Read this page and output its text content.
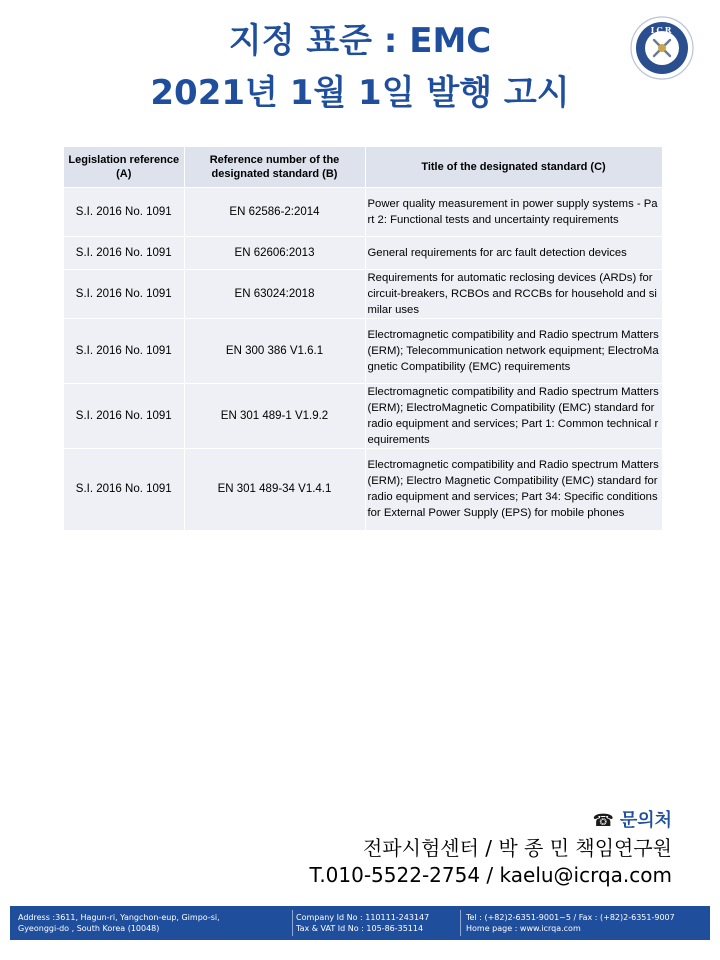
지정 표준 : EMC
2021년 1월 1일 발행 고시
ICR
Legislation reference (A)	Reference number of the designated standard (B)	Title of the designated standard (C)
S.I. 2016 No. 1091	EN 62586-2:2014	Power quality measurement in power supply systems - Part 2: Functional tests and uncertainty requirements
S.I. 2016 No. 1091	EN 62606:2013	General requirements for arc fault detection devices
S.I. 2016 No. 1091	EN 63024:2018	Requirements for automatic reclosing devices (ARDs) for circuit-breakers, RCBOs and RCCBs for household and similar uses
S.I. 2016 No. 1091	EN 300 386 V1.6.1	Electromagnetic compatibility and Radio spectrum Matters (ERM); Telecommunication network equipment; ElectroMagnetic Compatibility (EMC) requirements
S.I. 2016 No. 1091	EN 301 489-1 V1.9.2	Electromagnetic compatibility and Radio spectrum Matters (ERM); ElectroMagnetic Compatibility (EMC) standard for radio equipment and services; Part 1: Common technical requirements
S.I. 2016 No. 1091	EN 301 489-34 V1.4.1	Electromagnetic compatibility and Radio spectrum Matters (ERM); Electro Magnetic Compatibility (EMC) standard for radio equipment and services; Part 34: Specific conditions for External Power Supply (EPS) for mobile phones
☎ 문의처
전파시험센터 / 박 종 민 책임연구원
T.010-5522-2754 / kaelu@icrqa.com
Address :3611, Hagun-ri, Yangchon-eup, Gimpo-si,
Gyeonggi-do , South Korea (10048)
Company Id No : 110111-243147
Tax & VAT Id No : 105-86-35114
Tel : (+82)2-6351-9001~5 / Fax : (+82)2-6351-9007
Home page : www.icrqa.com
